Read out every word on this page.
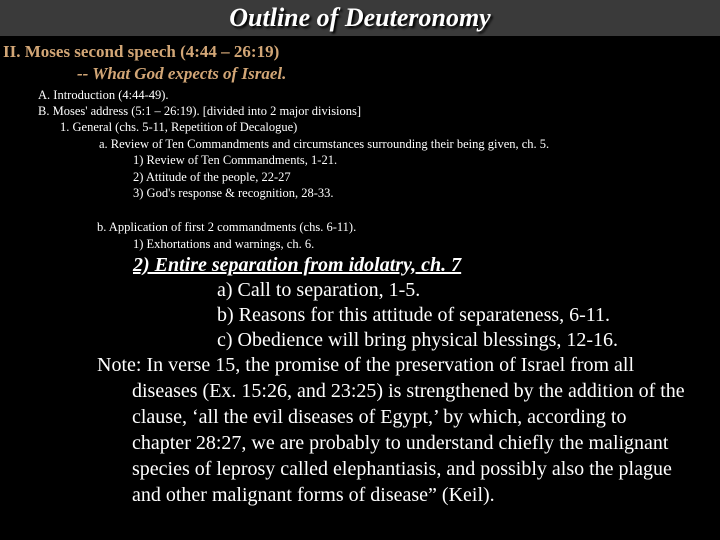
Outline of Deuteronomy
II. Moses second speech (4:44 – 26:19)
-- What God expects of Israel.
A. Introduction (4:44-49).
B. Moses' address (5:1 – 26:19). [divided into 2 major divisions]
1. General (chs. 5-11, Repetition of Decalogue)
a. Review of Ten Commandments and circumstances surrounding their being given, ch. 5.
1) Review of Ten Commandments, 1-21.
2) Attitude of the people, 22-27
3) God's response & recognition, 28-33.
b. Application of first 2 commandments (chs. 6-11).
1) Exhortations and warnings, ch. 6.
2) Entire separation from idolatry, ch. 7
a) Call to separation, 1-5.
b) Reasons for this attitude of separateness, 6-11.
c) Obedience will bring physical blessings, 12-16.
Note: In verse 15, the promise of the preservation of Israel from all
diseases (Ex. 15:26, and 23:25) is strengthened by the addition of the
clause, ‘all the evil diseases of Egypt,’ by which, according to
chapter 28:27, we are probably to understand chiefly the malignant
species of leprosy called elephantiasis, and possibly also the plague
and other malignant forms of disease” (Keil).
